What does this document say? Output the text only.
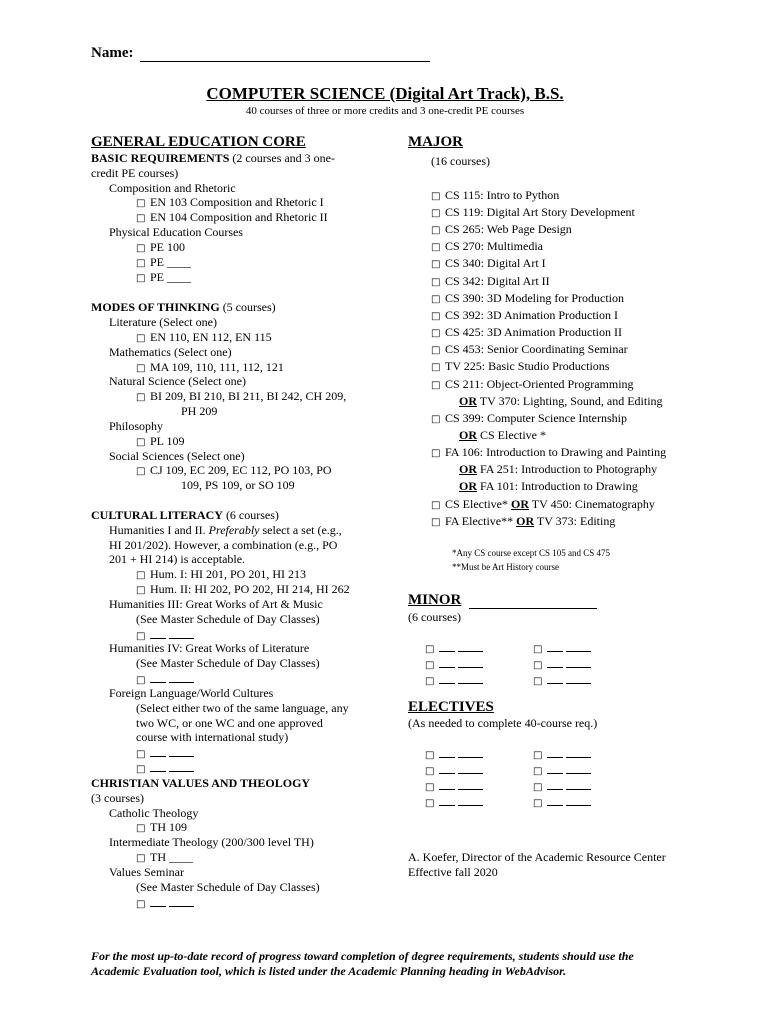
Name:
COMPUTER SCIENCE (Digital Art Track), B.S.
40 courses of three or more credits and 3 one-credit PE courses
GENERAL EDUCATION CORE
BASIC REQUIREMENTS (2 courses and 3 one-
credit PE courses)
Composition and Rhetoric
□ EN 103 Composition and Rhetoric I
□ EN 104 Composition and Rhetoric II
Physical Education Courses
□ PE 100
□ PE ____
□ PE ____
MODES OF THINKING (5 courses)
Literature (Select one)
□ EN 110, EN 112, EN 115
Mathematics (Select one)
□ MA 109, 110, 111, 112, 121
Natural Science (Select one)
□ BI 209, BI 210, BI 211, BI 242, CH 209,
PH 209
Philosophy
□ PL 109
Social Sciences (Select one)
□ CJ 109, EC 209, EC 112, PO 103, PO
109, PS 109, or SO 109
CULTURAL LITERACY (6 courses)
Humanities I and II. Preferably select a set (e.g.,
HI 201/202). However, a combination (e.g., PO
201 + HI 214) is acceptable.
□ Hum. I: HI 201, PO 201, HI 213
□ Hum. II: HI 202, PO 202, HI 214, HI 262
Humanities III: Great Works of Art & Music
(See Master Schedule of Day Classes)
□
Humanities IV: Great Works of Literature
(See Master Schedule of Day Classes)
□
Foreign Language/World Cultures
(Select either two of the same language, any
two WC, or one WC and one approved
course with international study)
□
□
CHRISTIAN VALUES AND THEOLOGY
(3 courses)
Catholic Theology
□ TH 109
Intermediate Theology (200/300 level TH)
□ TH ____
Values Seminar
(See Master Schedule of Day Classes)
□
MAJOR
(16 courses)
□ CS 115: Intro to Python
□ CS 119: Digital Art Story Development
□ CS 265: Web Page Design
□ CS 270: Multimedia
□ CS 340: Digital Art I
□ CS 342: Digital Art II
□ CS 390: 3D Modeling for Production
□ CS 392: 3D Animation Production I
□ CS 425: 3D Animation Production II
□ CS 453: Senior Coordinating Seminar
□ TV 225: Basic Studio Productions
□ CS 211: Object-Oriented Programming
OR TV 370: Lighting, Sound, and Editing
□ CS 399: Computer Science Internship
OR CS Elective *
□ FA 106: Introduction to Drawing and Painting
OR FA 251: Introduction to Photography
OR FA 101: Introduction to Drawing
□ CS Elective* OR TV 450: Cinematography
□ FA Elective** OR TV 373: Editing
*Any CS course except CS 105 and CS 475
**Must be Art History course
MINOR
(6 courses)
□
□
□
□
□
□
ELECTIVES
(As needed to complete 40-course req.)
□
□
□
□
□
□
□
□
A. Koefer, Director of the Academic Resource Center
Effective fall 2020
For the most up-to-date record of progress toward completion of degree requirements, students should use the
Academic Evaluation tool, which is listed under the Academic Planning heading in WebAdvisor.
